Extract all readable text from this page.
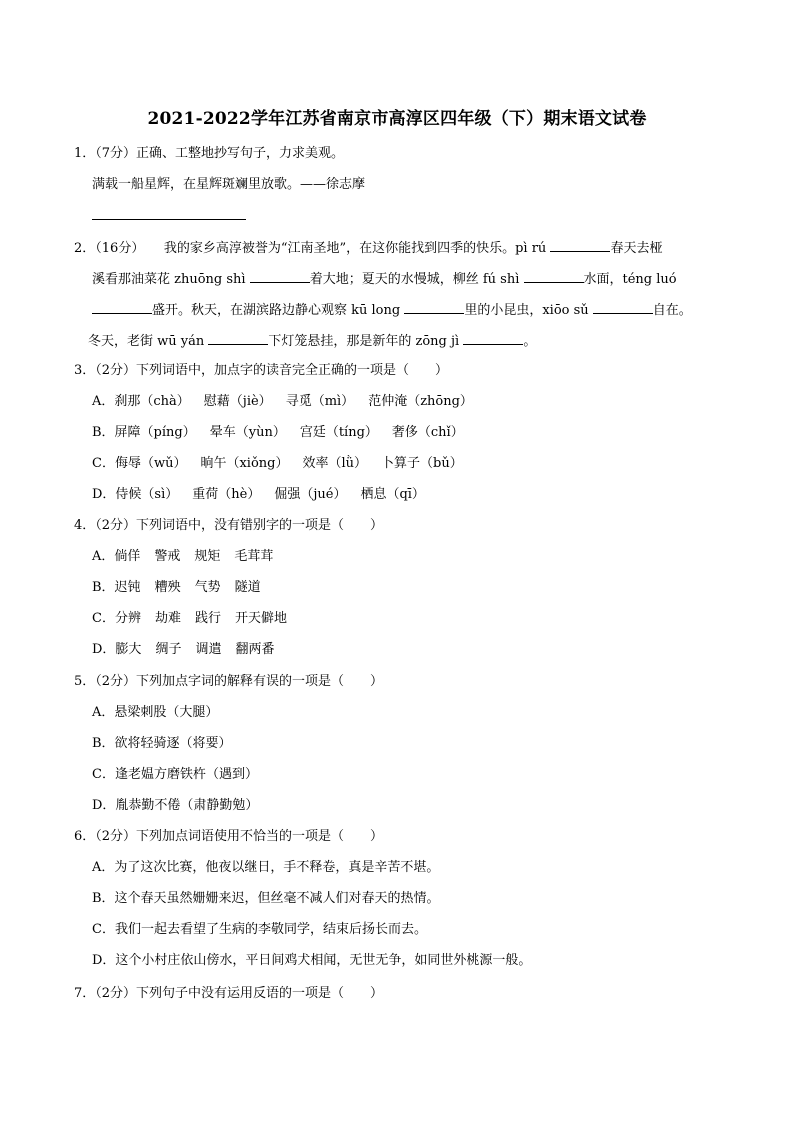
2021-2022学年江苏省南京市高淳区四年级（下）期末语文试卷
1．（7分）正确、工整地抄写句子，力求美观。
满载一船星辉，在星辉斑斓里放歌。——徐志摩
2．（16分）　　我的家乡高淳被誉为“江南圣地”，在这你能找到四季的快乐。pì rú	春天去桠
溪看那油菜花 zhuōng shì	着大地；夏天的水慢城，柳丝 fú shì	水面，téng luó
盛开。秋天，在湖滨路边静心观察 kū long	里的小昆虫，xiōo sǔ	自在。
冬天，老街 wū yán	下灯笼悬挂，那是新年的 zōng jì	。
3．（2分）下列词语中，加点字的读音完全正确的一项是（　　）
A．刹那（chà） 慰藉（jiè） 寻觅（mì） 范仲淹（zhōng）
B．屏障（píng） 晕车（yùn） 宫廷（tíng） 奢侈（chǐ）
C．侮辱（wǔ） 晌午（xiǒng） 效率（lǜ） 卜算子（bǔ）
D．侍候（sì） 重荷（hè） 倔强（jué） 栖息（qī）
4．（2分）下列词语中，没有错别字的一项是（　　）
A．倘佯 警戒 规矩 毛茸茸
B．迟钝 糟殃 气势 隧道
C．分辨 劫难 践行 开天僻地
D．膨大 绸子 调遣 翻两番
5．（2分）下列加点字词的解释有误的一项是（　　）
A．悬梁刺股（大腿）
B．欲将轻骑逐（将要）
C．逢老媪方磨铁杵（遇到）
D．胤恭勤不倦（肃静勤勉）
6．（2分）下列加点词语使用不恰当的一项是（　　）
A．为了这次比赛，他夜以继日，手不释卷，真是辛苦不堪。
B．这个春天虽然姗姗来迟，但丝毫不减人们对春天的热情。
C．我们一起去看望了生病的李敬同学，结束后扬长而去。
D．这个小村庄依山傍水，平日间鸡犬相闻，无世无争，如同世外桃源一般。
7．（2分）下列句子中没有运用反语的一项是（　　）
